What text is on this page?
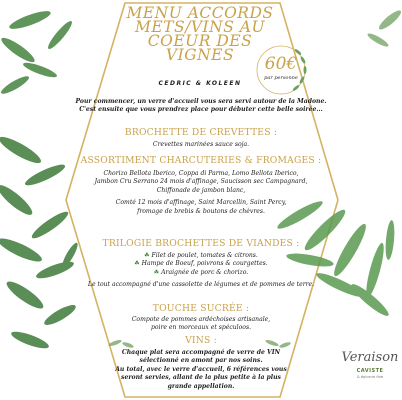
MENU ACCORDS
METS/VINS AU
COEUR DES
VIGNES
CEDRIC & KOLEEN
60€
par personne
Pour commencer, un verre d'accueil vous sera servi autour de la Madone.
C'est ensuite que vous prendrez place pour débuter cette belle soirée...
BROCHETTE DE CREVETTES :
Crevettes marinées sauce soja.
ASSORTIMENT CHARCUTERIES & FROMAGES :
Chorizo Bellota Iberico, Coppa di Parma, Lomo Bellota Iberico,
Jambon Cru Serrano 24 mois d'affinage, Saucisson sec Campagnard,
Chiffonade de jambon blanc,
Comté 12 mois d'affinage, Saint Marcellin, Saint Percy,
fromage de brebis & boutons de chèvres.
TRILOGIE BROCHETTES DE VIANDES :
☘ Filet de poulet, tomates & citrons.
☘ Hampe de Boeuf, poivrons & courgettes.
☘ Araignée de porc & chorizo.
Le tout accompagné d'une cassolette de légumes et de pommes de terre.
TOUCHE SUCRÉE :
Compote de pommes ardéchoises artisanale,
poire en morceaux et spéculoos.
VINS :
Chaque plat sera accompagné de verre de VIN
sélectionné en amont par nos soins.
Au total, avec le verre d'accueil, 6 références vous
seront servies, allant de la plus petite à la plus
grande appellation.
Veraison
CAVISTE
& épicerie fine
